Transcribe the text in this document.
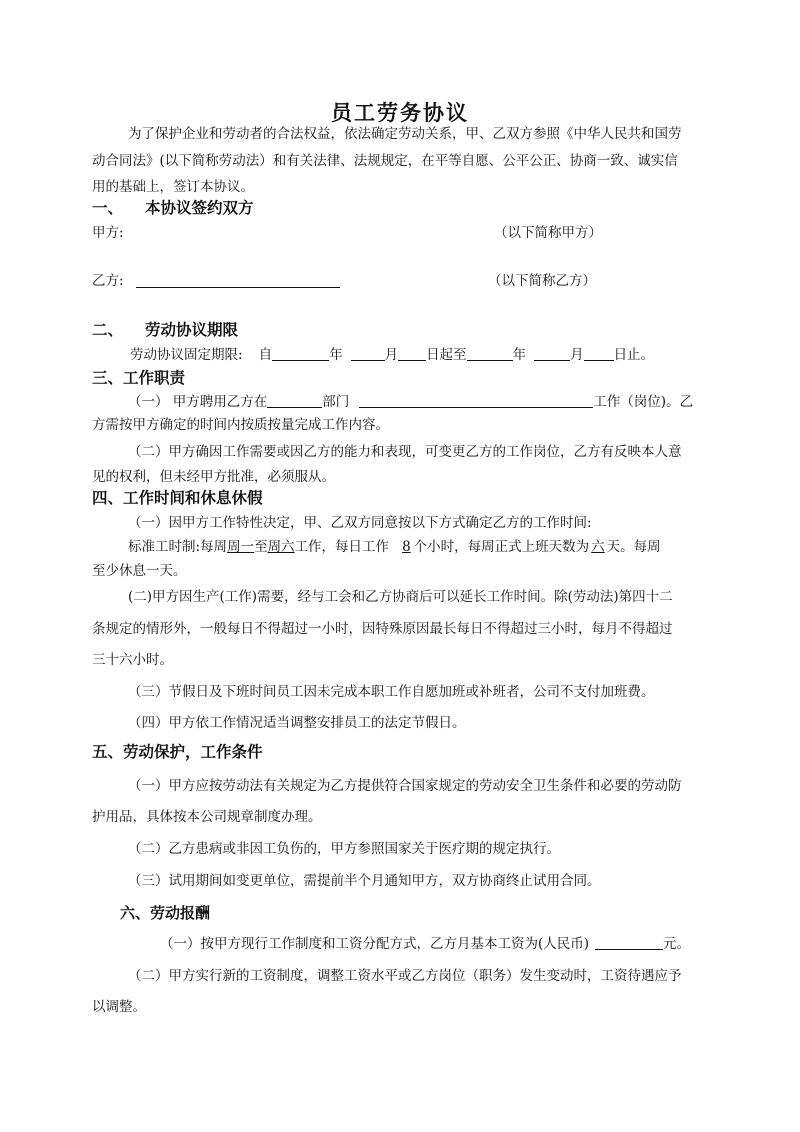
员工劳务协议
为了保护企业和劳动者的合法权益，依法确定劳动关系，甲、乙双方参照《中华人民共和国劳
动合同法》(以下简称劳动法）和有关法律、法规规定，在平等自愿、公平公正、协商一致、诚实信
用的基础上，签订本协议。
一、 本协议签约双方
甲方:	（以下简称甲方）
乙方:	（以下简称乙方）
二、 劳动协议期限
劳动协议固定期限: 自	年	月 日起至	年	月 日止。
三、工作职责
（一） 甲方聘用乙方在	部门	工作（岗位)。乙
方需按甲方确定的时间内按质按量完成工作内容。
（二）甲方确因工作需要或因乙方的能力和表现，可变更乙方的工作岗位，乙方有反映本人意
见的权利，但未经甲方批准，必须服从。
四、工作时间和休息休假
（一）因甲方工作特性决定，甲、乙双方同意按以下方式确定乙方的工作时间:
标准工时制:每周周一至周六工作，每日工作 8 个小时，每周正式上班天数为 六 天。每周
至少休息一天。
(二)甲方因生产(工作)需要，经与工会和乙方协商后可以延长工作时间。除(劳动法)第四十二
条规定的情形外，一般每日不得超过一小时，因特殊原因最长每日不得超过三小时，每月不得超过
三十六小时。
（三）节假日及下班时间员工因未完成本职工作自愿加班或补班者，公司不支付加班费。
（四）甲方依工作情况适当调整安排员工的法定节假日。
五、劳动保护，工作条件
（一）甲方应按劳动法有关规定为乙方提供符合国家规定的劳动安全卫生条件和必要的劳动防
护用品，具体按本公司规章制度办理。
（二）乙方患病或非因工负伤的，甲方参照国家关于医疗期的规定执行。
（三）试用期间如变更单位，需提前半个月通知甲方，双方协商终止试用合同。
六、劳动报酬
（一）按甲方现行工作制度和工资分配方式，乙方月基本工资为(人民币)	元。
（二）甲方实行新的工资制度，调整工资水平或乙方岗位（职务）发生变动时，工资待遇应予
以调整。
